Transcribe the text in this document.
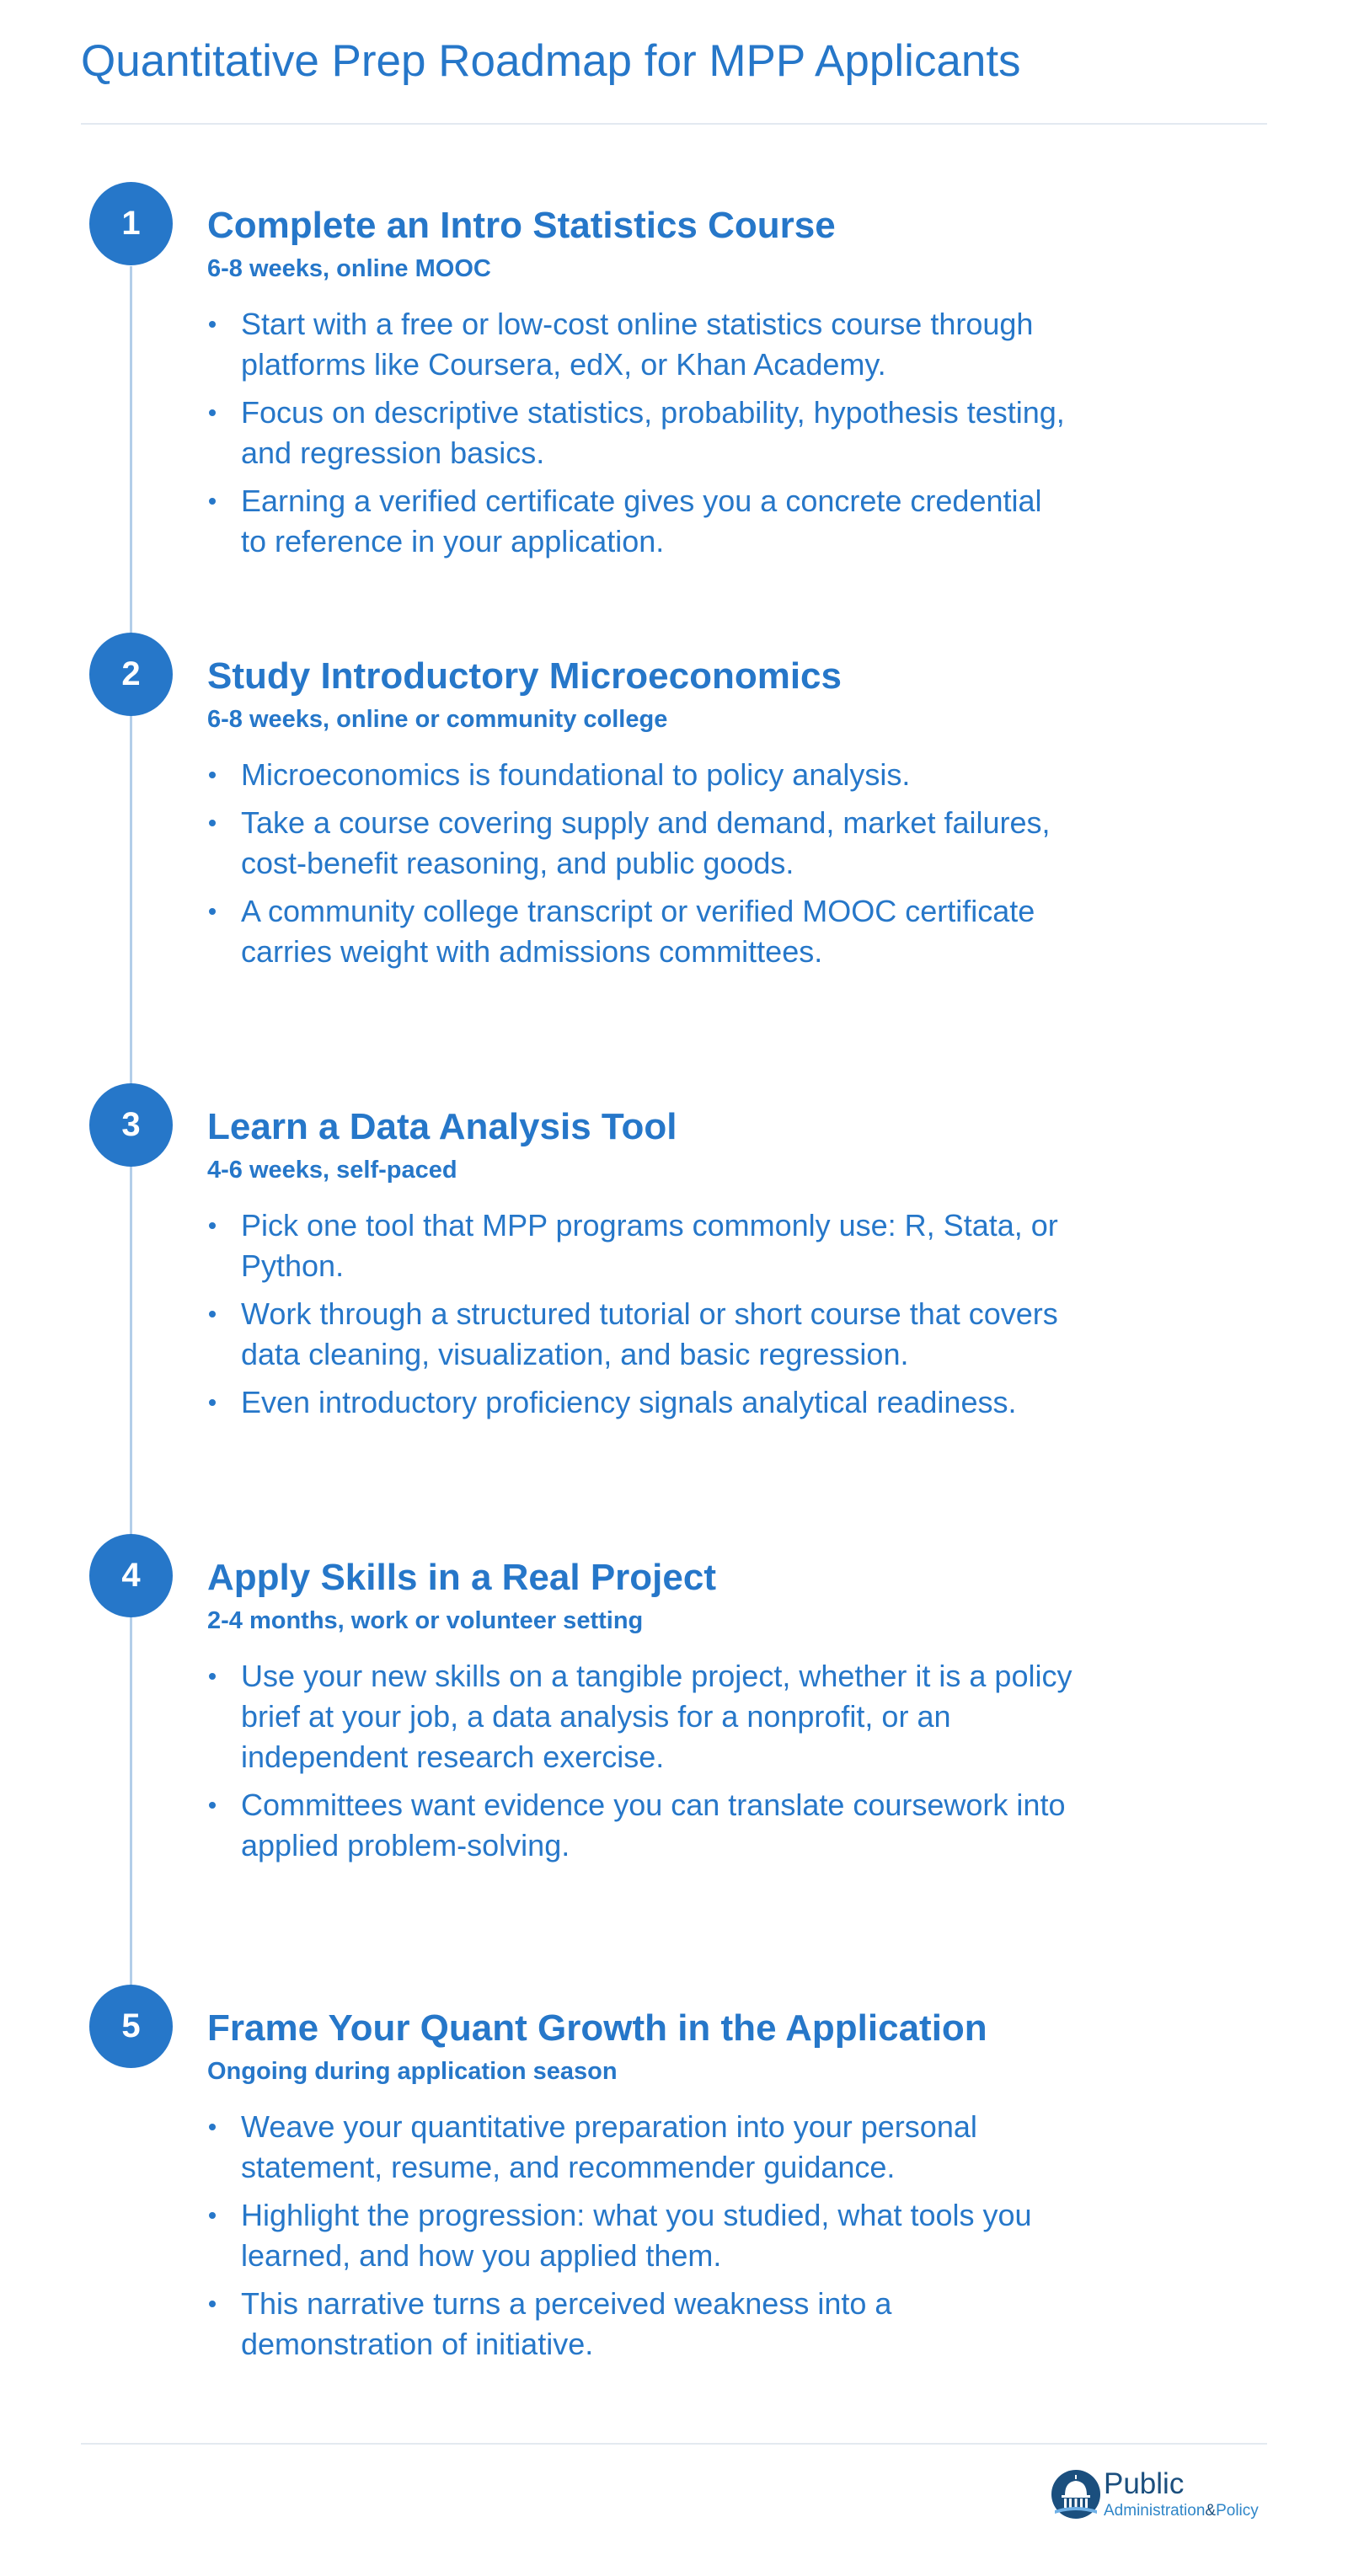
Quantitative Prep Roadmap for MPP Applicants
1	Complete an Intro Statistics Course
6-8 weeks, online MOOC
Start with a free or low-cost online statistics course through platforms like Coursera, edX, or Khan Academy.
Focus on descriptive statistics, probability, hypothesis testing, and regression basics.
Earning a verified certificate gives you a concrete credential to reference in your application.
2	Study Introductory Microeconomics
6-8 weeks, online or community college
Microeconomics is foundational to policy analysis.
Take a course covering supply and demand, market failures, cost-benefit reasoning, and public goods.
A community college transcript or verified MOOC certificate carries weight with admissions committees.
3	Learn a Data Analysis Tool
4-6 weeks, self-paced
Pick one tool that MPP programs commonly use: R, Stata, or Python.
Work through a structured tutorial or short course that covers data cleaning, visualization, and basic regression.
Even introductory proficiency signals analytical readiness.
4	Apply Skills in a Real Project
2-4 months, work or volunteer setting
Use your new skills on a tangible project, whether it is a policy brief at your job, a data analysis for a nonprofit, or an independent research exercise.
Committees want evidence you can translate coursework into applied problem-solving.
5	Frame Your Quant Growth in the Application
Ongoing during application season
Weave your quantitative preparation into your personal statement, resume, and recommender guidance.
Highlight the progression: what you studied, what tools you learned, and how you applied them.
This narrative turns a perceived weakness into a demonstration of initiative.
Public
Administration&Policy
